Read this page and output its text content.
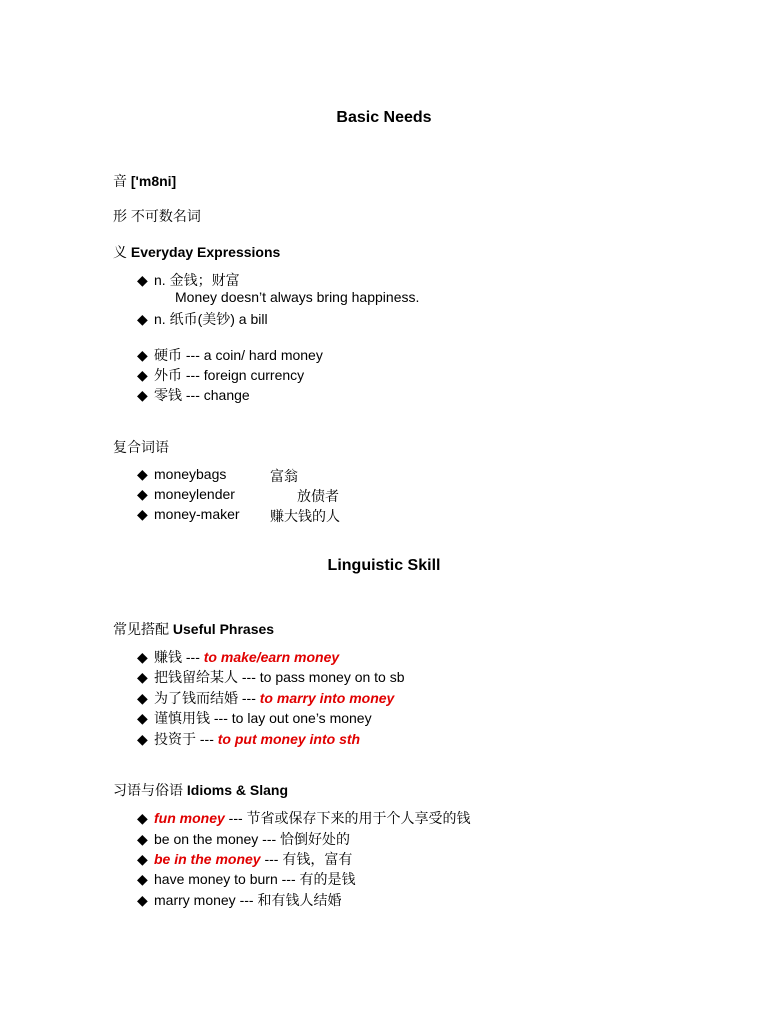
Basic Needs
音 ['m8ni]
形 不可数名词
义 Everyday Expressions
◆ n. 金钱；财富
Money doesn’t always bring happiness.
◆ n. 纸币(美钞) a bill
◆ 硬币 --- a coin/ hard money
◆ 外币 --- foreign currency
◆ 零钱 --- change
复合词语
◆ moneybags	富翁
◆ moneylender	放债者
◆ money-maker 赚大钱的人
Linguistic Skill
常见搭配 Useful Phrases
◆ 赚钱 --- to make/earn money
◆ 把钱留给某人 --- to pass money on to sb
◆ 为了钱而结婚 --- to marry into money
◆ 谨慎用钱 --- to lay out one’s money
◆ 投资于 --- to put money into sth
习语与俗语 Idioms & Slang
◆ fun money --- 节省或保存下来的用于个人享受的钱
◆ be on the money --- 恰倒好处的
◆ be in the money --- 有钱，富有
◆ have money to burn --- 有的是钱
◆ marry money --- 和有钱人结婚
